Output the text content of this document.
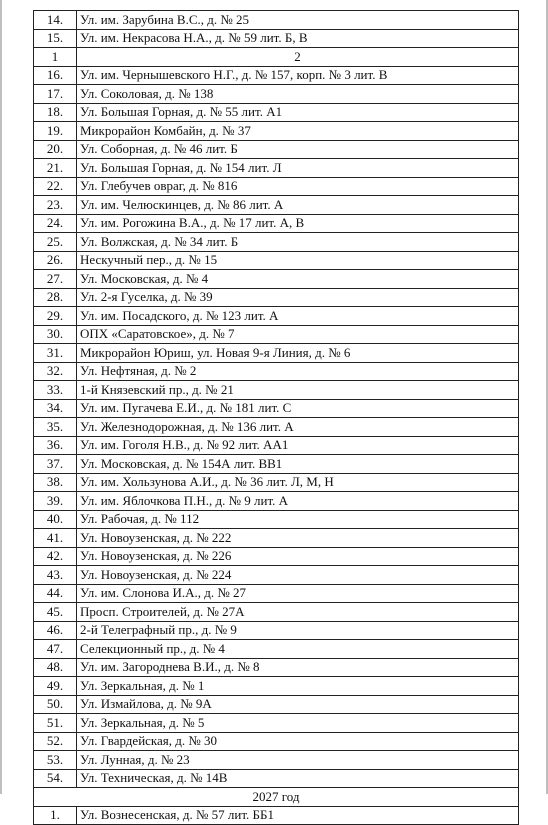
14.	Ул. им. Зарубина В.С., д. № 25
15.	Ул. им. Некрасова Н.А., д. № 59 лит. Б, В
1	2
16.	Ул. им. Чернышевского Н.Г., д. № 157, корп. № 3 лит. В
17.	Ул. Соколовая, д. № 138
18.	Ул. Большая Горная, д. № 55 лит. А1
19.	Микрорайон Комбайн, д. № 37
20.	Ул. Соборная, д. № 46 лит. Б
21.	Ул. Большая Горная, д. № 154 лит. Л
22.	Ул. Глебучев овраг, д. № 816
23.	Ул. им. Челюскинцев, д. № 86 лит. А
24.	Ул. им. Рогожина В.А., д. № 17 лит. А, В
25.	Ул. Волжская, д. № 34 лит. Б
26.	Нескучный пер., д. № 15
27.	Ул. Московская, д. № 4
28.	Ул. 2-я Гуселка, д. № 39
29.	Ул. им. Посадского, д. № 123 лит. А
30.	ОПХ «Саратовское», д. № 7
31.	Микрорайон Юриш, ул. Новая 9-я Линия, д. № 6
32.	Ул. Нефтяная, д. № 2
33.	1-й Князевский пр., д. № 21
34.	Ул. им. Пугачева Е.И., д. № 181 лит. С
35.	Ул. Железнодорожная, д. № 136 лит. А
36.	Ул. им. Гоголя Н.В., д. № 92 лит. АА1
37.	Ул. Московская, д. № 154А лит. ВВ1
38.	Ул. им. Хользунова А.И., д. № 36 лит. Л, М, Н
39.	Ул. им. Яблочкова П.Н., д. № 9 лит. А
40.	Ул. Рабочая, д. № 112
41.	Ул. Новоузенская, д. № 222
42.	Ул. Новоузенская, д. № 226
43.	Ул. Новоузенская, д. № 224
44.	Ул. им. Слонова И.А., д. № 27
45.	Просп. Строителей, д. № 27А
46.	2-й Телеграфный пр., д. № 9
47.	Селекционный пр., д. № 4
48.	Ул. им. Загороднева В.И., д. № 8
49.	Ул. Зеркальная, д. № 1
50.	Ул. Измайлова, д. № 9А
51.	Ул. Зеркальная, д. № 5
52.	Ул. Гвардейская, д. № 30
53.	Ул. Лунная, д. № 23
54.	Ул. Техническая, д. № 14В
2027 год	
1.	Ул. Вознесенская, д. № 57 лит. ББ1
